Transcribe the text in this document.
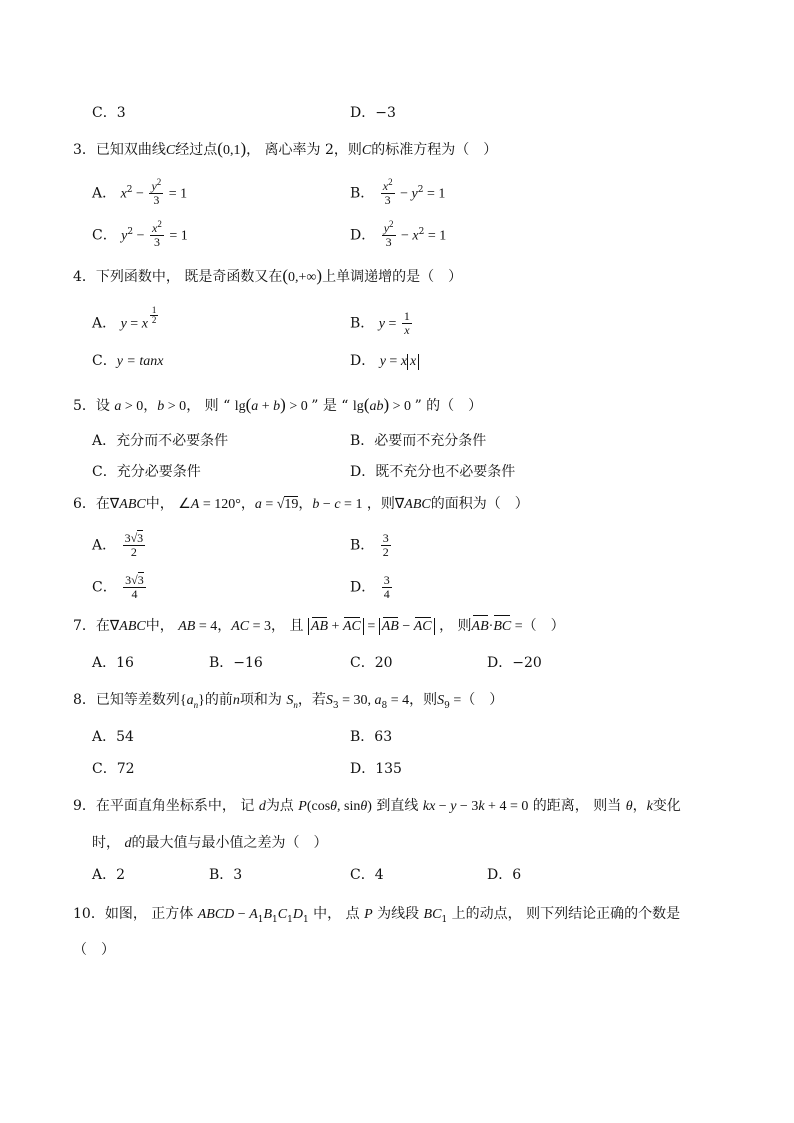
C．3	D．−3
3．已知双曲线C经过点(0,1)， 离心率为 2，则C的标准方程为（　）
A． $x^2 - \frac{y^2}{3} = 1$	B． $\frac{x^2}{3} - y^2 = 1$
C． $y^2 - \frac{x^2}{3} = 1$	D． $\frac{y^2}{3} - x^2 = 1$
4．下列函数中， 既是奇函数又在(0,+∞)上单调递增的是（　）
A． y = x $^{\frac{1}{2}}$	B． $y = \frac{1}{x}$
C．y = tanx	D． y = x x
5．设 a > 0，b > 0， 则 “ lg(a + b) > 0 ” 是 “ lg(ab) > 0 ” 的（　）
A．充分而不必要条件	B．必要而不充分条件
C．充分必要条件	D．既不充分也不必要条件
6．在∇ABC中， ∠A = 120°，a = √19，b − c = 1 ，则∇ABC的面积为（　）
A． $\frac{3√3}{2}$	B． $\frac{3}{2}$
C． $\frac{3√3}{4}$	D． $\frac{3}{4}$
7．在∇ABC中， AB = 4，AC = 3， 且 AB + AC = AB − AC ， 则AB·BC =（　）
A．16	B．−16	C．20	D．−20
8．已知等差数列$\{a_n\}$的前n项和为 $S_n$，若$S_3 = 30$, $a_8 = 4$，则$S_9$ =（　）
A．54	B．63
C．72	D．135
9．在平面直角坐标系中， 记 d为点 P(cosθ, sinθ) 到直线 kx − y − 3k + 4 = 0 的距离， 则当 θ，k变化
时， d的最大值与最小值之差为（　）
A．2	B．3	C．4	D．6
10．如图， 正方体 ABCD − $A_1B_1C_1D_1$ 中， 点 P 为线段 $BC_1$ 上的动点， 则下列结论正确的个数是
（　）
